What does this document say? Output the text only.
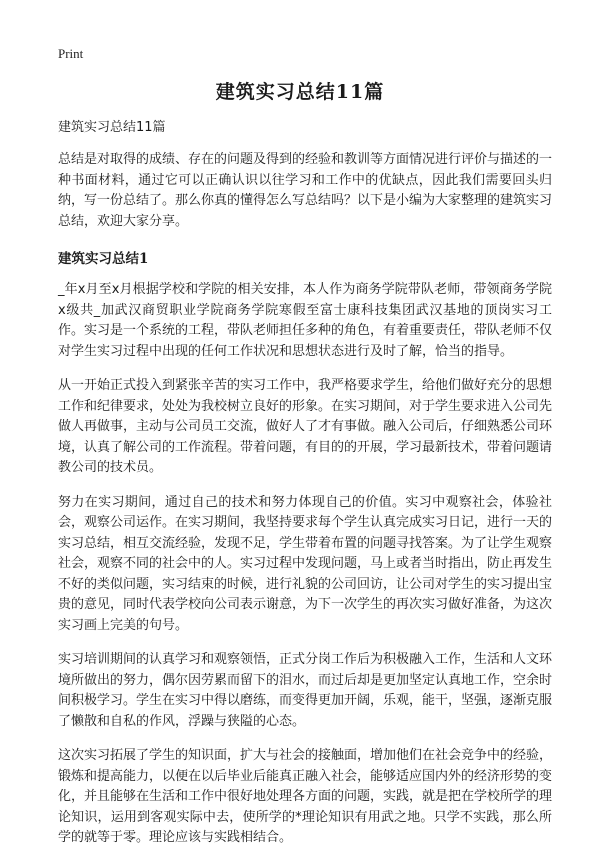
Print
建筑实习总结11篇

建筑实习总结11篇

总结是对取得的成绩、存在的问题及得到的经验和教训等方面情况进行评价与描述的一种书面材料，通过它可以正确认识以往学习和工作中的优缺点，因此我们需要回头归纳，写一份总结了。那么你真的懂得怎么写总结吗？以下是小编为大家整理的建筑实习总结，欢迎大家分享。

建筑实习总结1

_年x月至x月根据学校和学院的相关安排，本人作为商务学院带队老师，带领商务学院x级共_加武汉商贸职业学院商务学院寒假至富士康科技集团武汉基地的顶岗实习工作。实习是一个系统的工程，带队老师担任多种的角色，有着重要责任，带队老师不仅对学生实习过程中出现的任何工作状况和思想状态进行及时了解，恰当的指导。

从一开始正式投入到紧张辛苦的实习工作中，我严格要求学生，给他们做好充分的思想工作和纪律要求，处处为我校树立良好的形象。在实习期间，对于学生要求进入公司先做人再做事，主动与公司员工交流，做好人了才有事做。融入公司后，仔细熟悉公司环境，认真了解公司的工作流程。带着问题，有目的的开展，学习最新技术，带着问题请教公司的技术员。

努力在实习期间，通过自己的技术和努力体现自己的价值。实习中观察社会，体验社会，观察公司运作。在实习期间，我坚持要求每个学生认真完成实习日记，进行一天的实习总结，相互交流经验，发现不足，学生带着布置的问题寻找答案。为了让学生观察社会，观察不同的社会中的人。实习过程中发现问题，马上或者当时指出，防止再发生不好的类似问题，实习结束的时候，进行礼貌的公司回访，让公司对学生的实习提出宝贵的意见，同时代表学校向公司表示谢意，为下一次学生的再次实习做好准备，为这次实习画上完美的句号。

实习培训期间的认真学习和观察领悟，正式分岗工作后为积极融入工作，生活和人文环境所做出的努力，偶尔因劳累而留下的泪水，而过后却是更加坚定认真地工作，空余时间积极学习。学生在实习中得以磨练，而变得更加开阔，乐观，能干，坚强，逐渐克服了懒散和自私的作风，浮躁与狭隘的心态。

这次实习拓展了学生的知识面，扩大与社会的接触面，增加他们在社会竞争中的经验，锻炼和提高能力，以便在以后毕业后能真正融入社会，能够适应国内外的经济形势的变化，并且能够在生活和工作中很好地处理各方面的问题，实践，就是把在学校所学的理论知识，运用到客观实际中去，使所学的*理论知识有用武之地。只学不实践，那么所学的就等于零。理论应该与实践相结合。
